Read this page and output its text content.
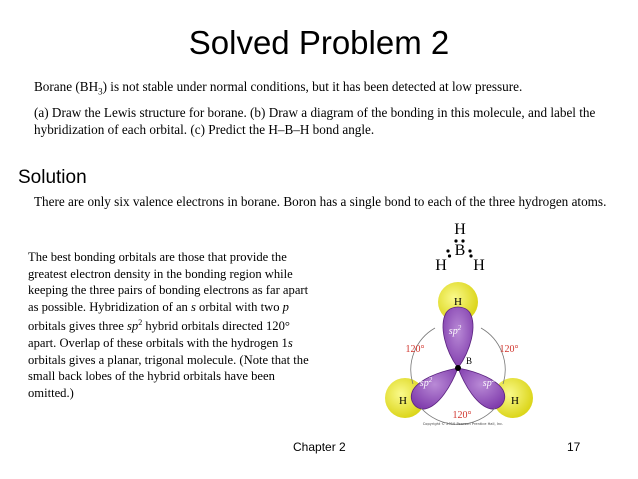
Solved Problem 2

Borane $(BH_3)$ is not stable under normal conditions, but it has been detected at low pressure.

(a) Draw the Lewis structure for borane. (b) Draw a diagram of the bonding in this molecule, and label the hybridization of each orbital. (c) Predict the H–B–H bond angle.

Solution
There are only six valence electrons in borane. Boron has a single bond to each of the three hydrogen atoms.
The best bonding orbitals are those that provide the greatest electron density in the bonding region while keeping the three pairs of bonding electrons as far apart as possible. Hybridization of an s orbital with two p orbitals gives three $sp^2$ hybrid orbitals directed 120° apart. Overlap of these orbitals with the hydrogen 1s orbitals gives a planar, trigonal molecule. (Note that the small back lobes of the hybrid orbitals have been omitted.)
H
B
H H
H
H	H
B
$sp^2$
$sp^2$	$sp^2$
120°	120°
120°
Copyright © 2010 Pearson Prentice Hall, Inc.
Chapter 2	17
